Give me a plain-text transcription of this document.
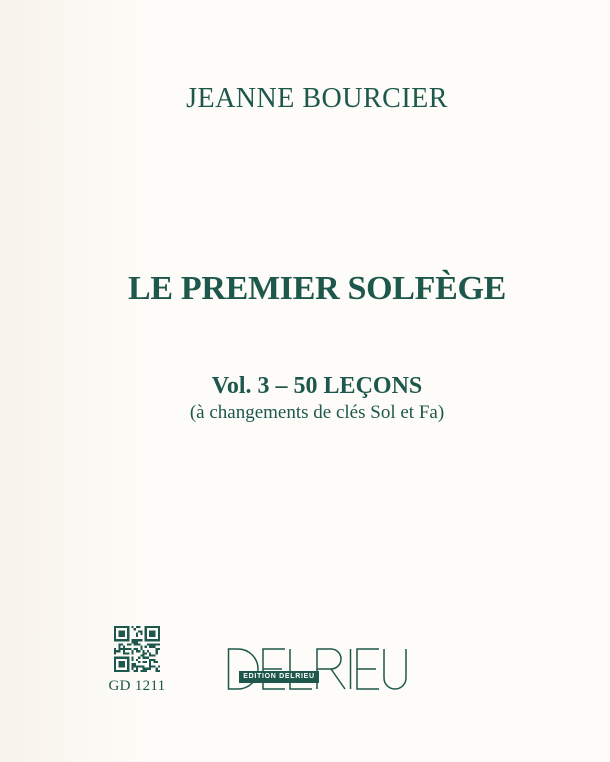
JEANNE BOURCIER
LE PREMIER SOLFÈGE
Vol. 3 – 50 LEÇONS
(à changements de clés Sol et Fa)
GD 1211
EDITION DELRIEU
